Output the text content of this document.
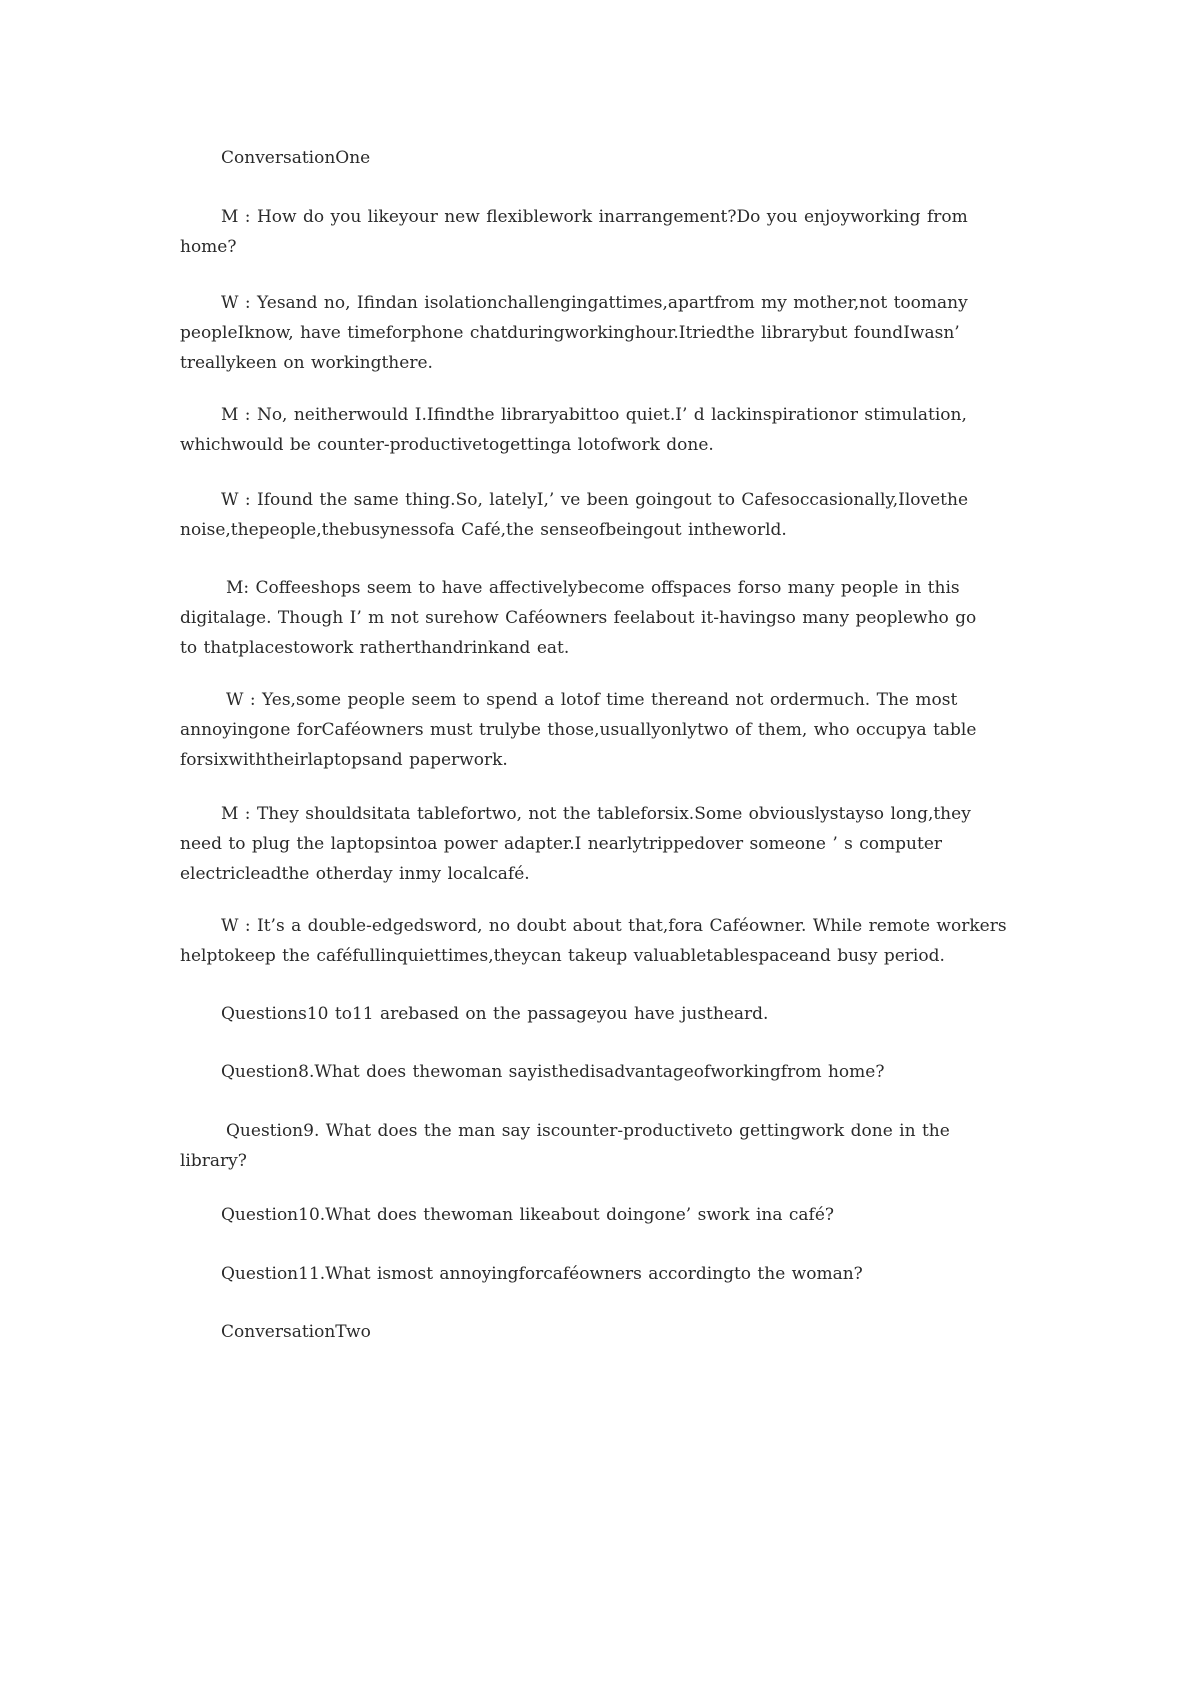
ConversationOne
M : How do you likeyour new flexiblework inarrangement?Do you enjoyworking from
home?
W : Yesand no, Ifindan isolationchallengingattimes,apartfrom my mother,not toomany
peopleIknow, have timeforphone chatduringworkinghour.Itriedthe librarybut foundIwasn’
treallykeen on workingthere.
M : No, neitherwould I.Ifindthe libraryabittoo quiet.I’ d lackinspirationor stimulation,
whichwould be counter-productivetogettinga lotofwork done.
W : Ifound the same thing.So, latelyI,’ ve been goingout to Cafesoccasionally,Ilovethe
noise,thepeople,thebusynessofa Café,the senseofbeingout intheworld.
M: Coffeeshops seem to have affectivelybecome offspaces forso many people in this
digitalage. Though I’ m not surehow Caféowners feelabout it-havingso many peoplewho go
to thatplacestowork ratherthandrinkand eat.
W : Yes,some people seem to spend a lotof time thereand not ordermuch. The most
annoyingone forCaféowners must trulybe those,usuallyonlytwo of them, who occupya table
forsixwiththeirlaptopsand paperwork.
M : They shouldsitata tablefortwo, not the tableforsix.Some obviouslystayso long,they
need to plug the laptopsintoa power adapter.I nearlytrippedover someone ’ s computer
electricleadthe otherday inmy localcafé.
W : It’s a double-edgedsword, no doubt about that,fora Caféowner. While remote workers
helptokeep the caféfullinquiettimes,theycan takeup valuabletablespaceand busy period.
Questions10 to11 arebased on the passageyou have justheard.
Question8.What does thewoman sayisthedisadvantageofworkingfrom home?
Question9. What does the man say iscounter-productiveto gettingwork done in the
library?
Question10.What does thewoman likeabout doingone’ swork ina café?
Question11.What ismost annoyingforcaféowners accordingto the woman?
ConversationTwo
